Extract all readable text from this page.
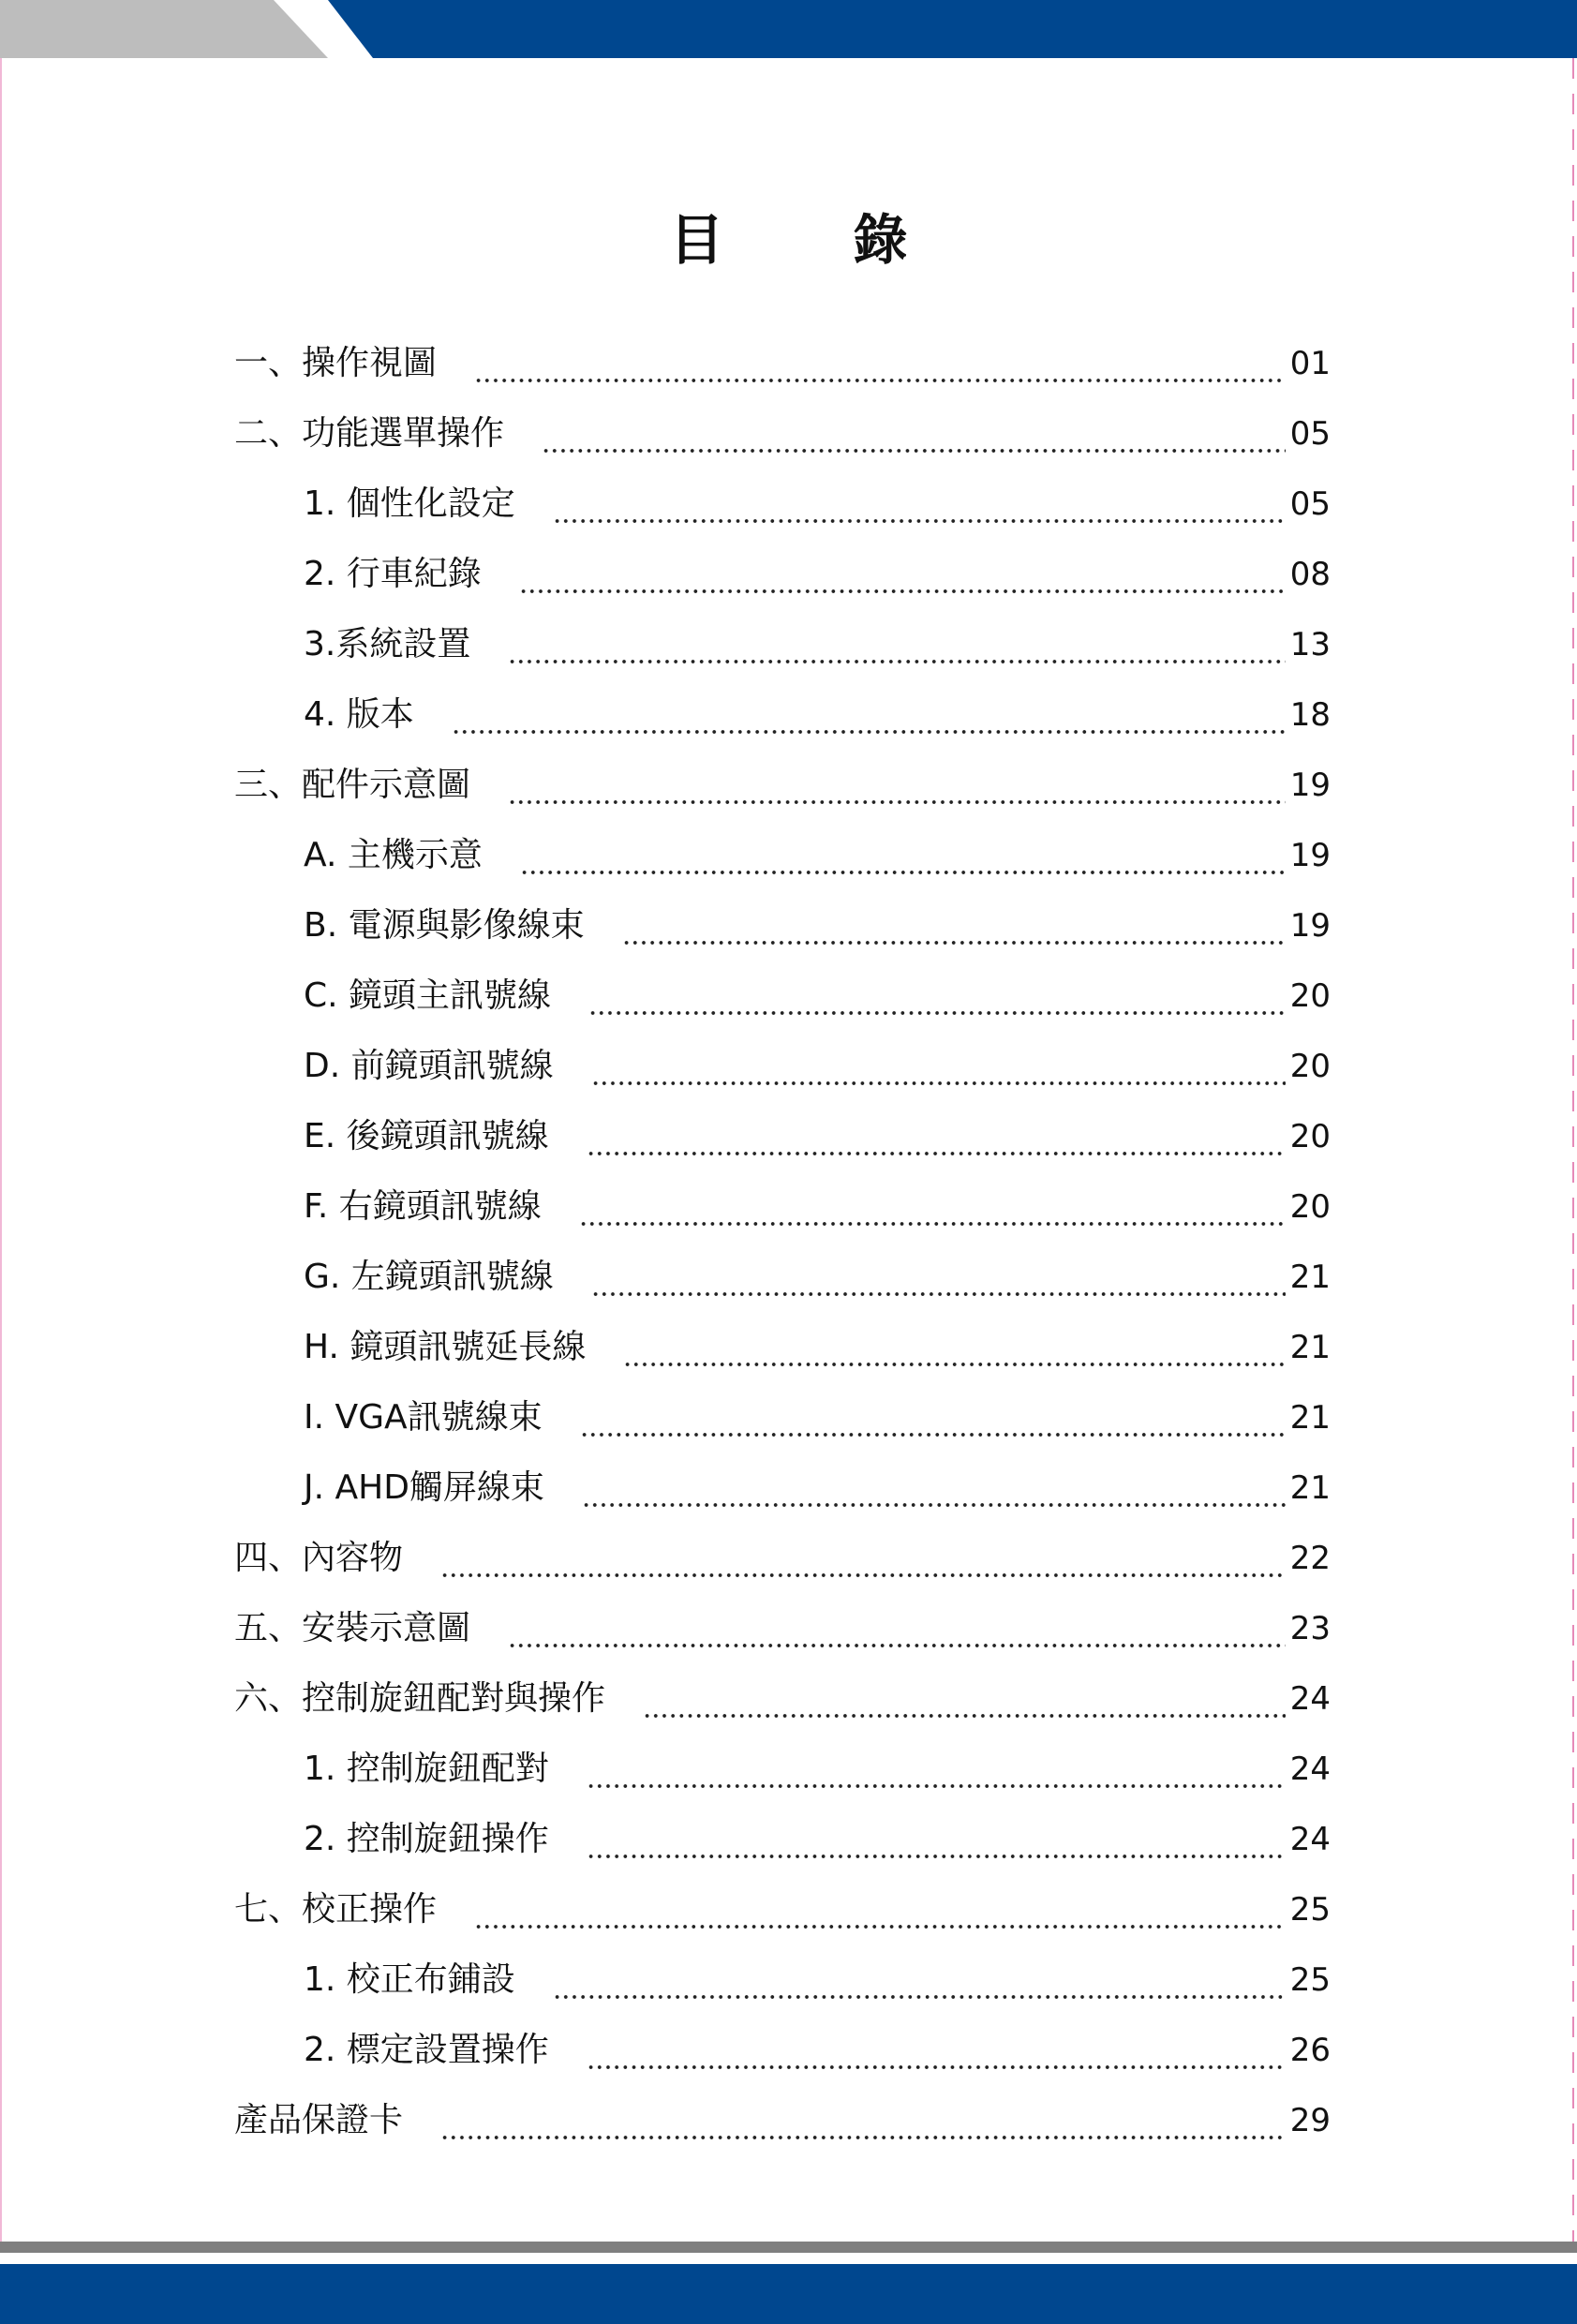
目　錄
一、操作視圖	01
二、功能選單操作	05
1. 個性化設定	05
2. 行車紀錄	08
3.系統設置	13
4. 版本	18
三、配件示意圖	19
A. 主機示意	19
B. 電源與影像線束	19
C. 鏡頭主訊號線	20
D. 前鏡頭訊號線	20
E. 後鏡頭訊號線	20
F. 右鏡頭訊號線	20
G. 左鏡頭訊號線	21
H. 鏡頭訊號延長線	21
I. VGA訊號線束	21
J. AHD觸屏線束	21
四、內容物	22
五、安裝示意圖	23
六、控制旋鈕配對與操作	24
1. 控制旋鈕配對	24
2. 控制旋鈕操作	24
七、校正操作	25
1. 校正布鋪設	25
2. 標定設置操作	26
產品保證卡	29
